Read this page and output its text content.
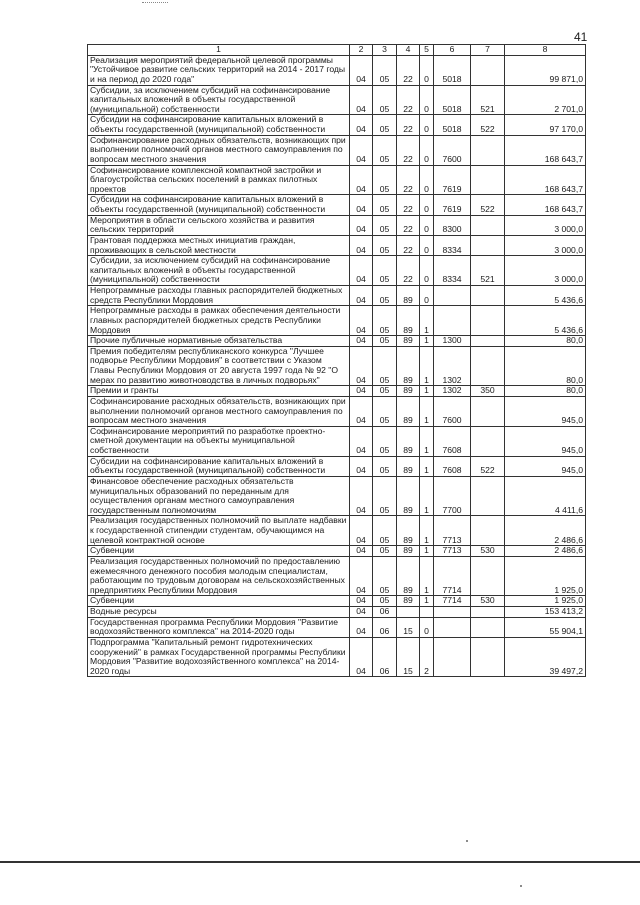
41
1	2	3	4	5	6	7	8
Реализация мероприятий федеральной целевой программы "Устойчивое развитие сельских территорий на 2014 - 2017 годы и на период до 2020 года"	04	05	22	0	5018		99 871,0
Субсидии, за исключением субсидий на софинансирование капитальных вложений в объекты государственной (муниципальной) собственности	04	05	22	0	5018	521	2 701,0
Субсидии на софинансирование капитальных вложений в объекты государственной (муниципальной) собственности	04	05	22	0	5018	522	97 170,0
Софинансирование расходных обязательств, возникающих при выполнении полномочий органов местного самоуправления по вопросам местного значения	04	05	22	0	7600		168 643,7
Софинансирование комплексной компактной застройки и благоустройства сельских поселений в рамках пилотных проектов	04	05	22	0	7619		168 643,7
Субсидии на софинансирование капитальных вложений в объекты государственной (муниципальной) собственности	04	05	22	0	7619	522	168 643,7
Мероприятия в области сельского хозяйства и развития сельских территорий	04	05	22	0	8300		3 000,0
Грантовая поддержка местных инициатив граждан, проживающих в сельской местности	04	05	22	0	8334		3 000,0
Субсидии, за исключением субсидий на софинансирование капитальных вложений в объекты государственной (муниципальной) собственности	04	05	22	0	8334	521	3 000,0
Непрограммные расходы главных распорядителей бюджетных средств Республики Мордовия	04	05	89	0			5 436,6
Непрограммные расходы в рамках обеспечения деятельности главных распорядителей бюджетных средств Республики Мордовия	04	05	89	1			5 436,6
Прочие публичные нормативные обязательства	04	05	89	1	1300		80,0
Премия победителям республиканского конкурса "Лучшее подворье Республики Мордовия" в соответствии с Указом Главы Республики Мордовия от 20 августа 1997 года № 92 "О мерах по развитию животноводства в личных подворьях"	04	05	89	1	1302		80,0
Премии и гранты	04	05	89	1	1302	350	80,0
Софинансирование расходных обязательств, возникающих при выполнении полномочий органов местного самоуправления по вопросам местного значения	04	05	89	1	7600		945,0
Софинансирование мероприятий по разработке проектно-сметной документации на объекты муниципальной собственности	04	05	89	1	7608		945,0
Субсидии на софинансирование капитальных вложений в объекты государственной (муниципальной) собственности	04	05	89	1	7608	522	945,0
Финансовое обеспечение расходных обязательств муниципальных образований по переданным для осуществления органам местного самоуправления государственным полномочиям	04	05	89	1	7700		4 411,6
Реализация государственных полномочий по выплате надбавки к государственной стипендии студентам, обучающимся на целевой контрактной основе	04	05	89	1	7713		2 486,6
Субвенции	04	05	89	1	7713	530	2 486,6
Реализация государственных полномочий по предоставлению ежемесячного денежного пособия молодым специалистам, работающим по трудовым договорам на сельскохозяйственных предприятиях Республики Мордовия	04	05	89	1	7714		1 925,0
Субвенции	04	05	89	1	7714	530	1 925,0
Водные ресурсы	04	06					153 413,2
Государственная программа Республики Мордовия "Развитие водохозяйственного комплекса" на 2014-2020 годы	04	06	15	0			55 904,1
Подпрограмма "Капитальный ремонт гидротехнических сооружений" в рамках Государственной программы Республики Мордовия "Развитие водохозяйственного комплекса" на 2014-2020 годы	04	06	15	2			39 497,2
